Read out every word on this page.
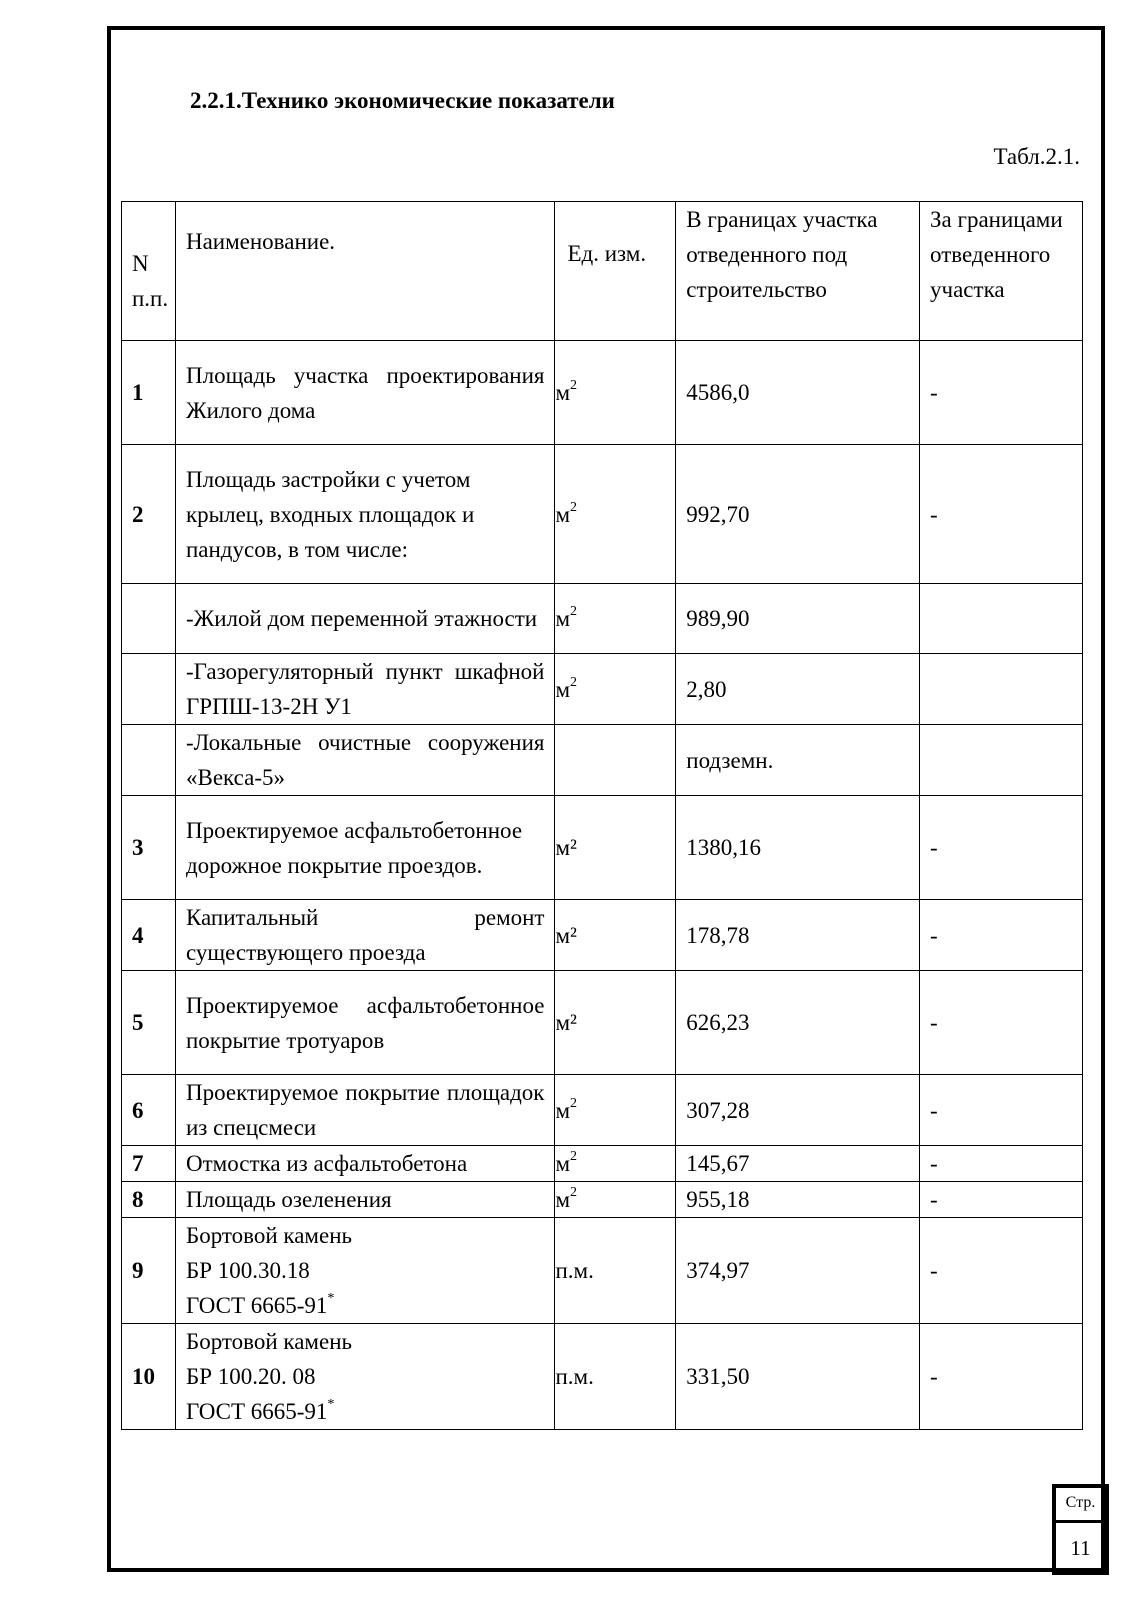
2.2.1.Технико экономические показатели
Табл.2.1.
N п.п.	Наименование.	Ед. изм.	В границах участка отведенного под строительство	За границами отведенного участка
1	Площадь участка проектирования Жилого дома	$м^2$	4586,0	-
2	Площадь застройки с учетом крылец, входных площадок и пандусов, в том числе:	$м^2$	992,70	-
	-Жилой дом переменной этажности	$м^2$	989,90	
	-Газорегуляторный пункт шкафной ГРПШ-13-2Н У1	$м^2$	2,80	
	-Локальные очистные сооружения «Векса-5»		подземн.	
3	Проектируемое асфальтобетонное дорожное покрытие проездов.	м²	1380,16	-
4	Капитальный ремонт существующего проезда	м²	178,78	-
5	Проектируемое асфальтобетонное покрытие тротуаров	м²	626,23	-
6	Проектируемое покрытие площадок из спецсмеси	$м^2$	307,28	-
7	Отмостка из асфальтобетона	$м^2$	145,67	-
8	Площадь озеленения	$м^2$	955,18	-
9	Бортовой камень
БР 100.30.18
ГОСТ 6665-91*	п.м.	374,97	-
10	Бортовой камень
БР 100.20. 08
ГОСТ 6665-91*	п.м.	331,50	-
Стр.
11
